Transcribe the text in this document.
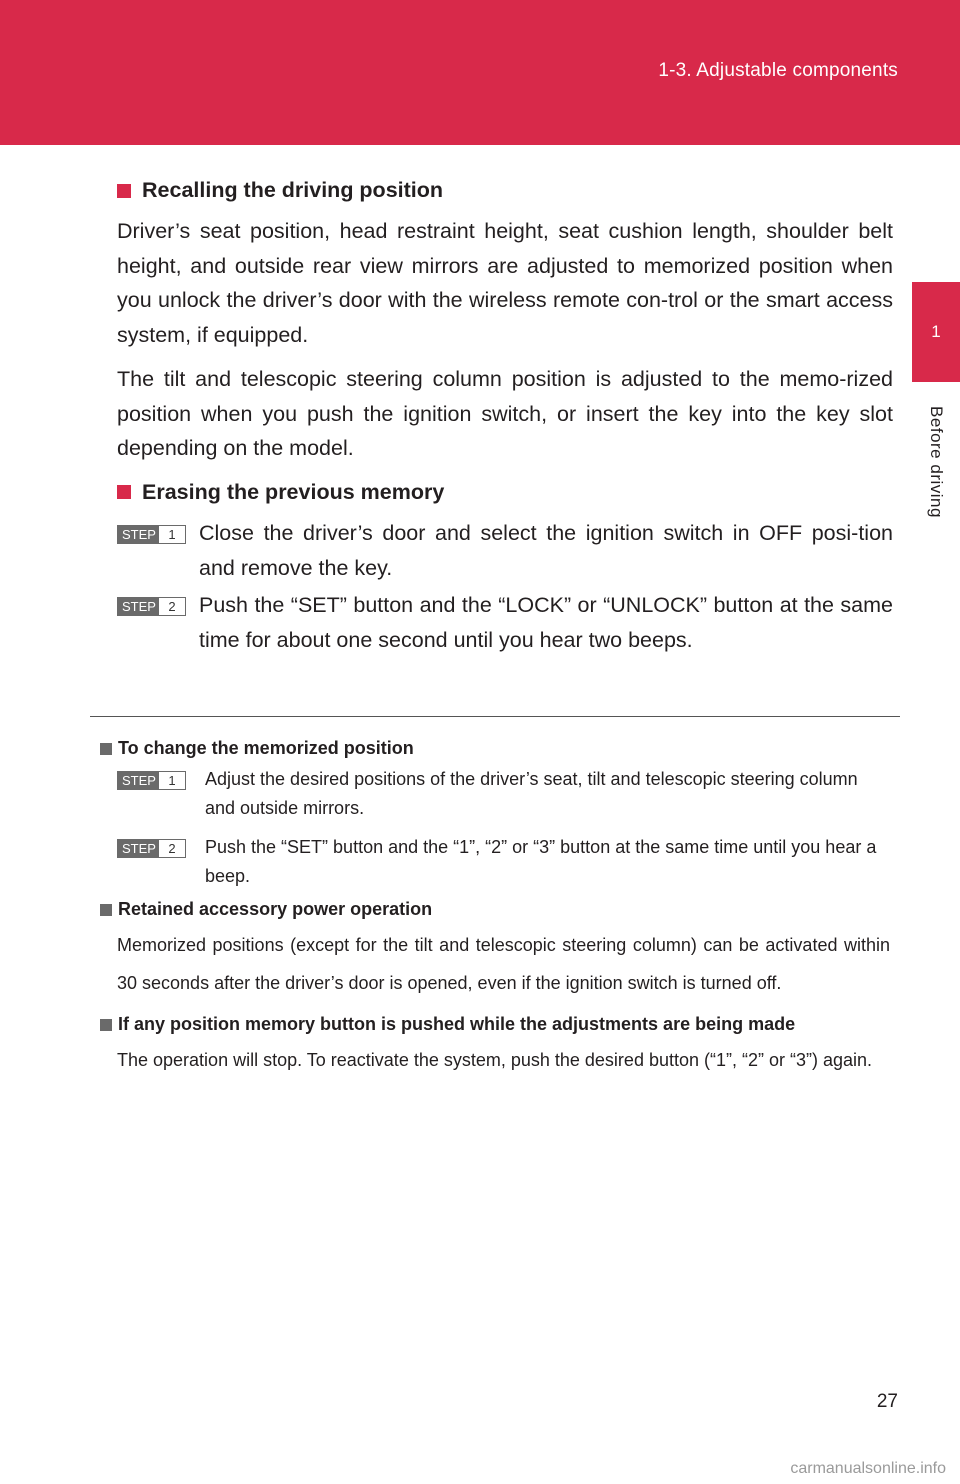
1-3. Adjustable components
1
Before driving
Recalling the driving position

Driver’s seat position, head restraint height, seat cushion length, shoulder belt height, and outside rear view mirrors are adjusted to memorized position when you unlock the driver’s door with the wireless remote con-trol or the smart access system, if equipped.

The tilt and telescopic steering column position is adjusted to the memo-rized position when you push the ignition switch, or insert the key into the key slot depending on the model.

Erasing the previous memory
STEP 1	Close the driver’s door and select the ignition switch in OFF posi-tion and remove the key.
STEP 2	Push the “SET” button and the “LOCK” or “UNLOCK” button at the same time for about one second until you hear two beeps.
To change the memorized position
STEP 1	Adjust the desired positions of the driver’s seat, tilt and telescopic steering column and outside mirrors.
STEP 2	Push the “SET” button and the “1”, “2” or “3” button at the same time until you hear a beep.
Retained accessory power operation

Memorized positions (except for the tilt and telescopic steering column) can be activated within 30 seconds after the driver’s door is opened, even if the ignition switch is turned off.

If any position memory button is pushed while the adjustments are being made

The operation will stop. To reactivate the system, push the desired button (“1”, “2” or “3”) again.

27
carmanualsonline.info
